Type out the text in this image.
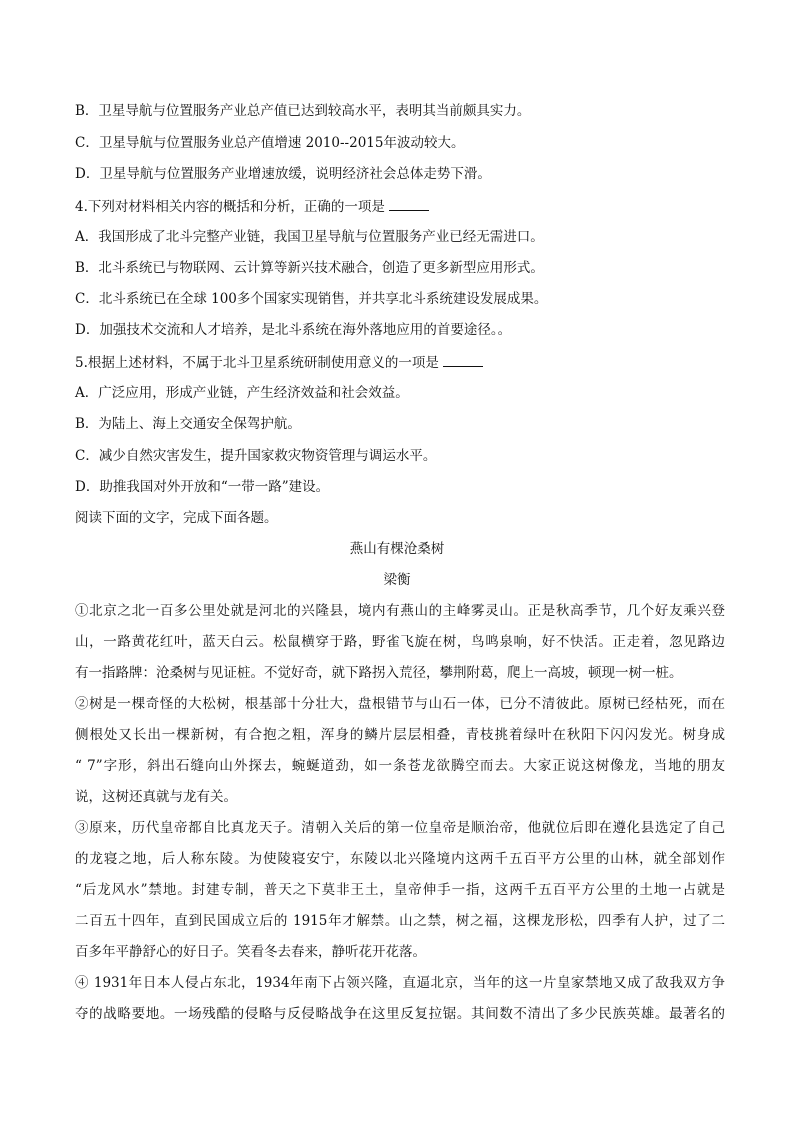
B．卫星导航与位置服务产业总产值已达到较高水平，表明其当前颇具实力。
C．卫星导航与位置服务业总产值增速 2010--2015年波动较大。
D．卫星导航与位置服务产业增速放缓，说明经济社会总体走势下滑。
4.下列对材料相关内容的概括和分析，正确的一项是
A．我国形成了北斗完整产业链，我国卫星导航与位置服务产业已经无需进口。
B．北斗系统已与物联网、云计算等新兴技术融合，创造了更多新型应用形式。
C．北斗系统已在全球 100多个国家实现销售，并共享北斗系统建设发展成果。
D．加强技术交流和人才培养，是北斗系统在海外落地应用的首要途径。。
5.根据上述材料，不属于北斗卫星系统研制使用意义的一项是
A．广泛应用，形成产业链，产生经济效益和社会效益。
B．为陆上、海上交通安全保驾护航。
C．减少自然灾害发生，提升国家救灾物资管理与调运水平。
D．助推我国对外开放和“一带一路”建设。
阅读下面的文字，完成下面各题。
燕山有棵沧桑树
梁衡
①北京之北一百多公里处就是河北的兴隆县，境内有燕山的主峰雾灵山。正是秋高季节，几个好友乘兴登
山，一路黄花红叶，蓝天白云。松鼠横穿于路，野雀飞旋在树，鸟鸣泉响，好不快活。正走着，忽见路边
有一指路牌：沧桑树与见证桩。不觉好奇，就下路拐入荒径，攀荆附葛，爬上一高坡，顿现一树一桩。
②树是一棵奇怪的大松树，根基部十分壮大，盘根错节与山石一体，已分不清彼此。原树已经枯死，而在
侧根处又长出一棵新树，有合抱之粗，浑身的鳞片层层相叠，青枝挑着绿叶在秋阳下闪闪发光。树身成
“ 7”字形，斜出石缝向山外探去，蜿蜒道劲，如一条苍龙欲腾空而去。大家正说这树像龙，当地的朋友
说，这树还真就与龙有关。
③原来，历代皇帝都自比真龙天子。清朝入关后的第一位皇帝是顺治帝，他就位后即在遵化县选定了自己
的龙寝之地，后人称东陵。为使陵寝安宁，东陵以北兴隆境内这两千五百平方公里的山林，就全部划作
“后龙风水”禁地。封建专制，普天之下莫非王土，皇帝伸手一指，这两千五百平方公里的土地一占就是
二百五十四年，直到民国成立后的 1915年才解禁。山之禁，树之福，这棵龙形松，四季有人护，过了二
百多年平静舒心的好日子。笑看冬去春来，静听花开花落。
④ 1931年日本人侵占东北，1934年南下占领兴隆，直逼北京，当年的这一片皇家禁地又成了敌我双方争
夺的战略要地。一场残酷的侵略与反侵略战争在这里反复拉锯。其间数不清出了多少民族英雄。最著名的
